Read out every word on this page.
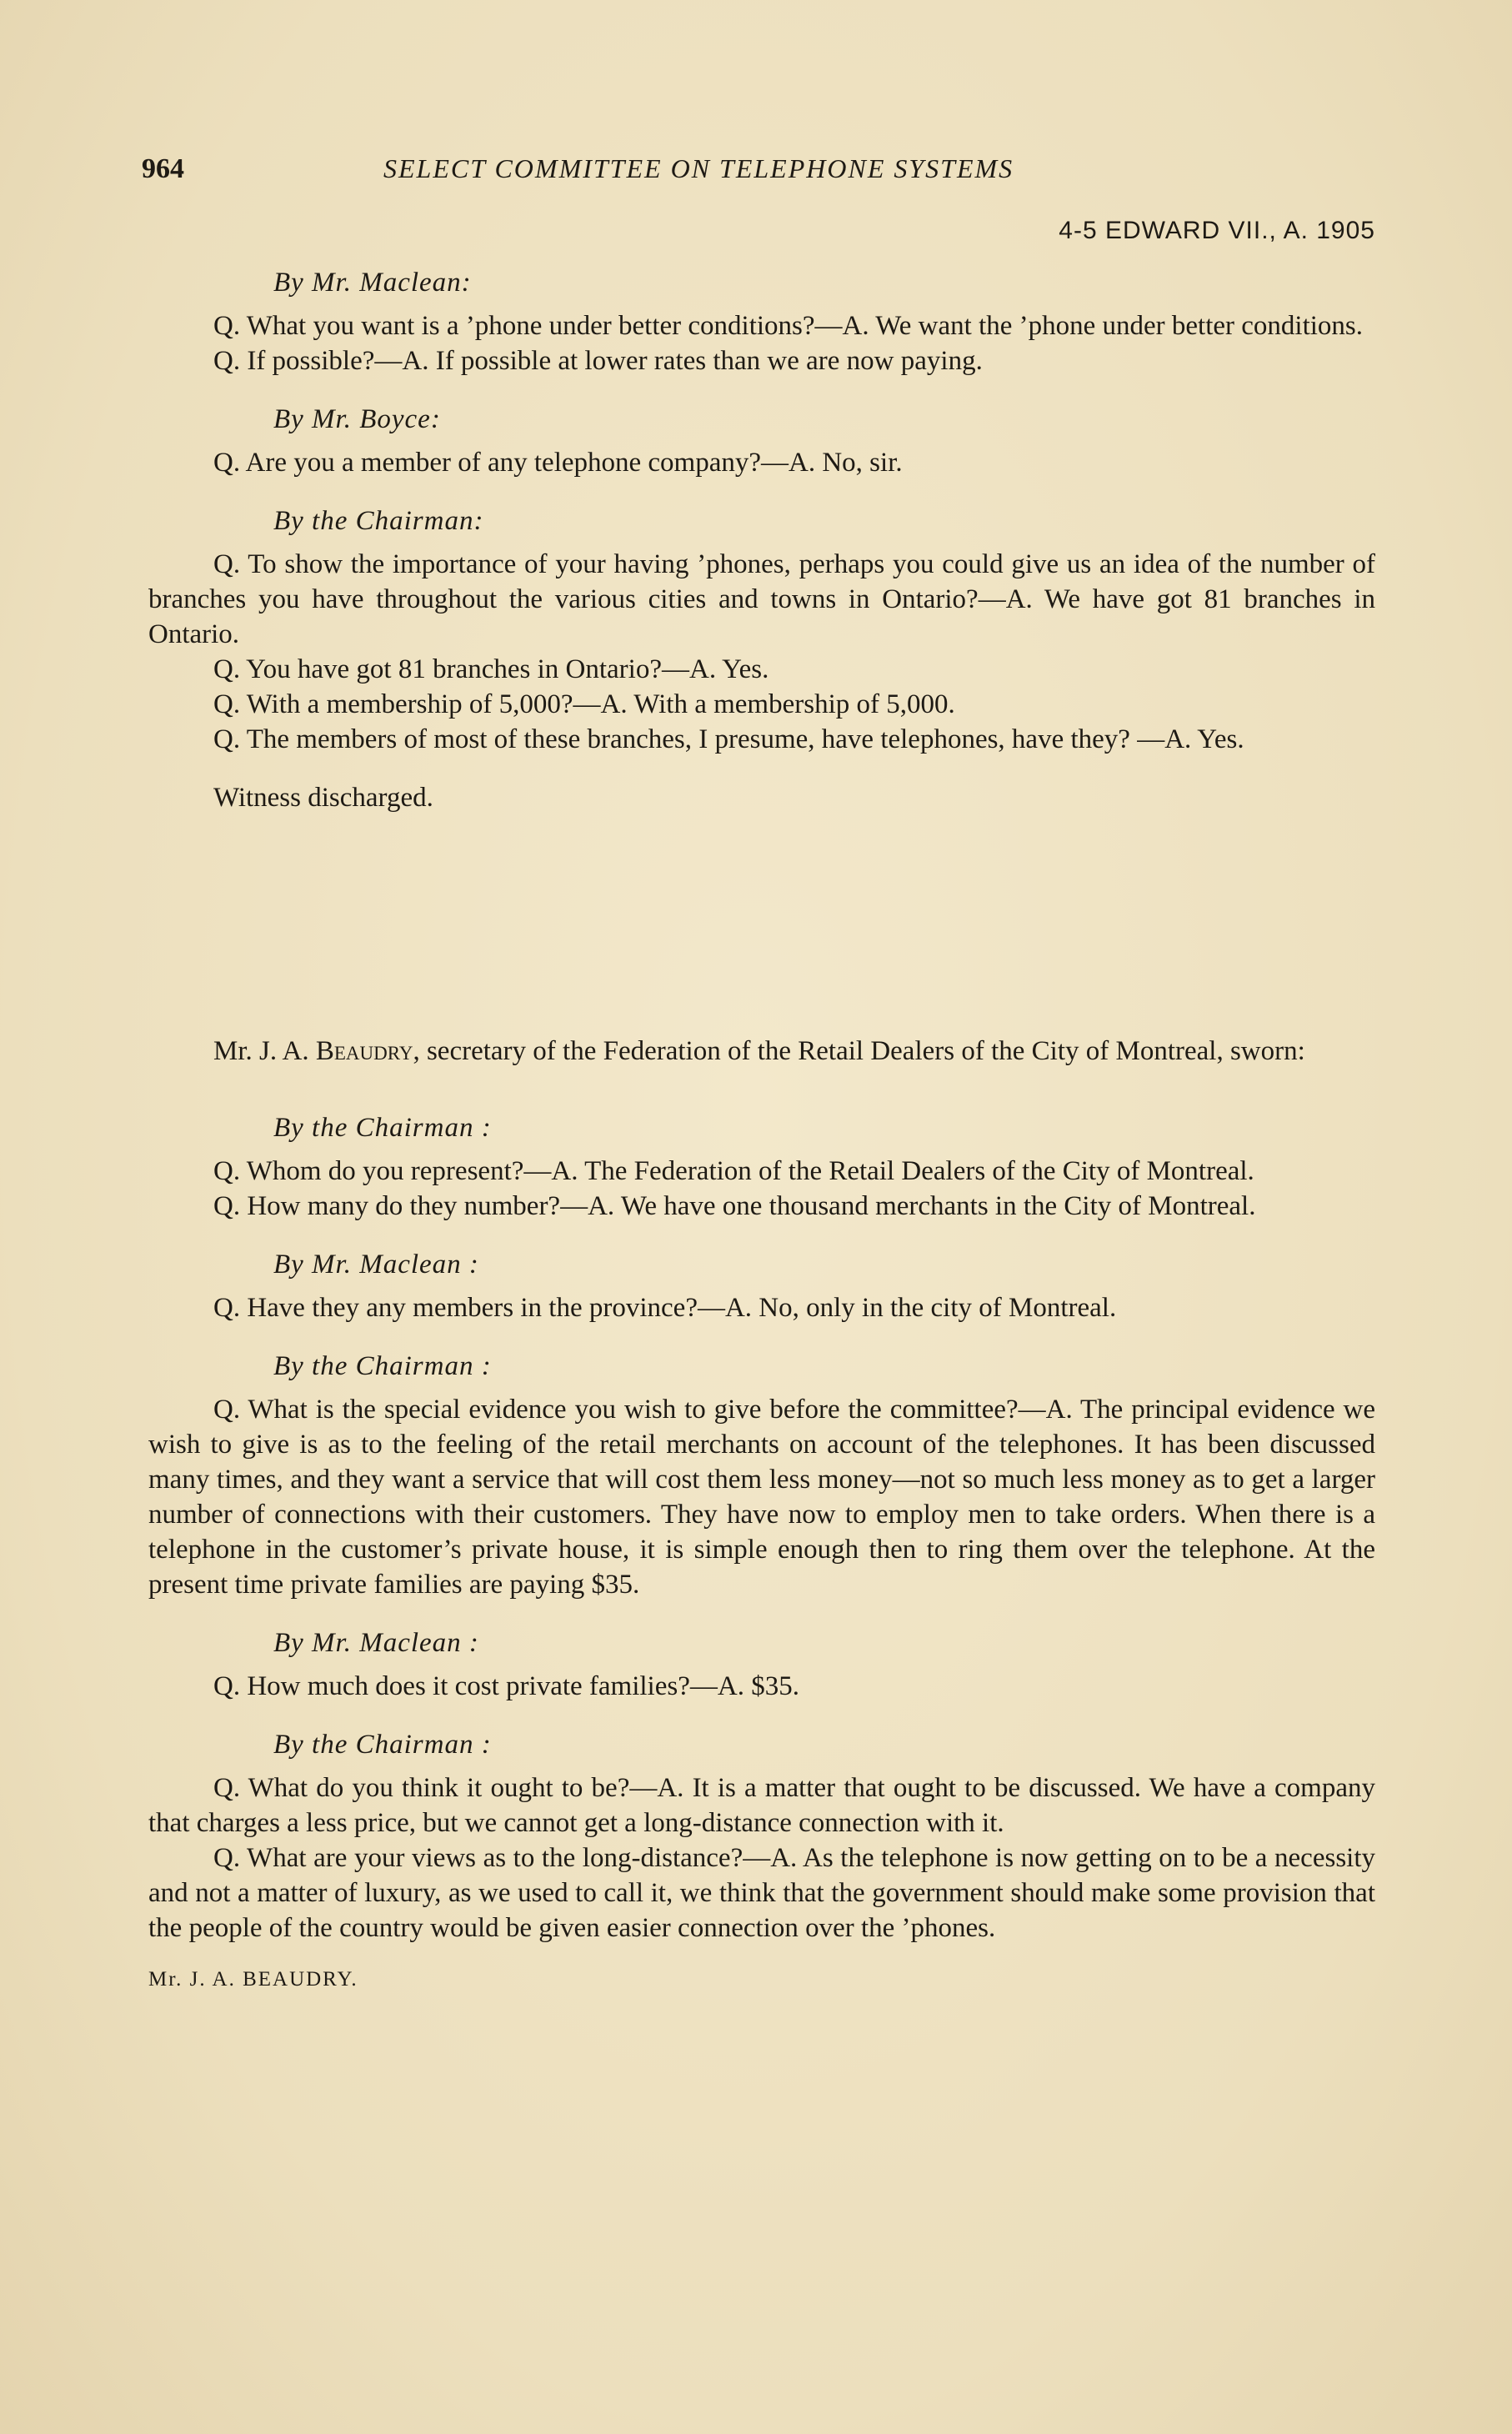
964	SELECT COMMITTEE ON TELEPHONE SYSTEMS
4-5 EDWARD VII., A. 1905

By Mr. Maclean:

Q. What you want is a ’phone under better conditions?—A. We want the ’phone under better conditions.

Q. If possible?—A. If possible at lower rates than we are now paying.

By Mr. Boyce:

Q. Are you a member of any telephone company?—A. No, sir.

By the Chairman:

Q. To show the importance of your having ’phones, perhaps you could give us an idea of the number of branches you have throughout the various cities and towns in Ontario?—A. We have got 81 branches in Ontario.

Q. You have got 81 branches in Ontario?—A. Yes.

Q. With a membership of 5,000?—A. With a membership of 5,000.

Q. The members of most of these branches, I presume, have telephones, have they? —A. Yes.

Witness discharged.

Mr. J. A. Beaudry, secretary of the Federation of the Retail Dealers of the City of Montreal, sworn:

By the Chairman :

Q. Whom do you represent?—A. The Federation of the Retail Dealers of the City of Montreal.

Q. How many do they number?—A. We have one thousand merchants in the City of Montreal.

By Mr. Maclean :

Q. Have they any members in the province?—A. No, only in the city of Montreal.

By the Chairman :

Q. What is the special evidence you wish to give before the committee?—A. The principal evidence we wish to give is as to the feeling of the retail merchants on account of the telephones. It has been discussed many times, and they want a service that will cost them less money—not so much less money as to get a larger number of connections with their customers. They have now to employ men to take orders. When there is a telephone in the customer’s private house, it is simple enough then to ring them over the telephone. At the present time private families are paying $35.

By Mr. Maclean :

Q. How much does it cost private families?—A. $35.

By the Chairman :

Q. What do you think it ought to be?—A. It is a matter that ought to be discussed. We have a company that charges a less price, but we cannot get a long-distance connection with it.

Q. What are your views as to the long-distance?—A. As the telephone is now getting on to be a necessity and not a matter of luxury, as we used to call it, we think that the government should make some provision that the people of the country would be given easier connection over the ’phones.

Mr. J. A. BEAUDRY.
